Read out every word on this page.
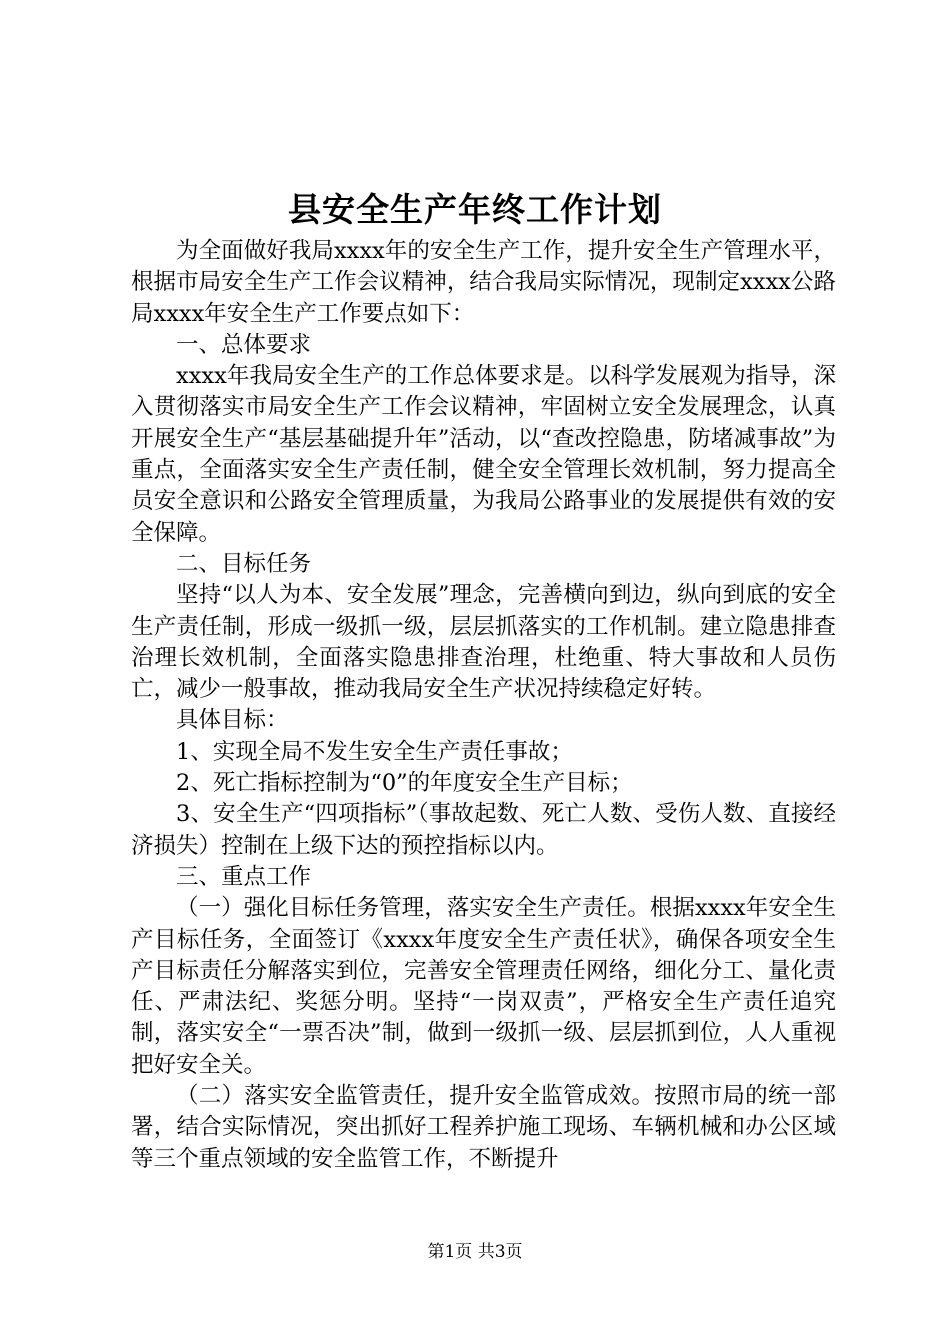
县安全生产年终工作计划

为全面做好我局xxxx年的安全生产工作，提升安全生产管理水平，根据市局安全生产工作会议精神，结合我局实际情况，现制定xxxx公路局xxxx年安全生产工作要点如下：

一、总体要求

xxxx年我局安全生产的工作总体要求是。以科学发展观为指导，深入贯彻落实市局安全生产工作会议精神，牢固树立安全发展理念，认真开展安全生产“基层基础提升年”活动，以“查改控隐患，防堵减事故”为重点，全面落实安全生产责任制，健全安全管理长效机制，努力提高全员安全意识和公路安全管理质量，为我局公路事业的发展提供有效的安全保障。

二、目标任务

坚持“以人为本、安全发展”理念，完善横向到边，纵向到底的安全生产责任制，形成一级抓一级，层层抓落实的工作机制。建立隐患排查治理长效机制，全面落实隐患排查治理，杜绝重、特大事故和人员伤亡，减少一般事故，推动我局安全生产状况持续稳定好转。

具体目标：

1、实现全局不发生安全生产责任事故；

2、死亡指标控制为“0”的年度安全生产目标；

3、安全生产“四项指标”（事故起数、死亡人数、受伤人数、直接经济损失）控制在上级下达的预控指标以内。

三、重点工作

（一）强化目标任务管理，落实安全生产责任。根据xxxx年安全生产目标任务，全面签订《xxxx年度安全生产责任状》，确保各项安全生产目标责任分解落实到位，完善安全管理责任网络，细化分工、量化责任、严肃法纪、奖惩分明。坚持“一岗双责”，严格安全生产责任追究制，落实安全“一票否决”制，做到一级抓一级、层层抓到位，人人重视把好安全关。

（二）落实安全监管责任，提升安全监管成效。按照市局的统一部署，结合实际情况，突出抓好工程养护施工现场、车辆机械和办公区域等三个重点领域的安全监管工作，不断提升

第1页 共3页
